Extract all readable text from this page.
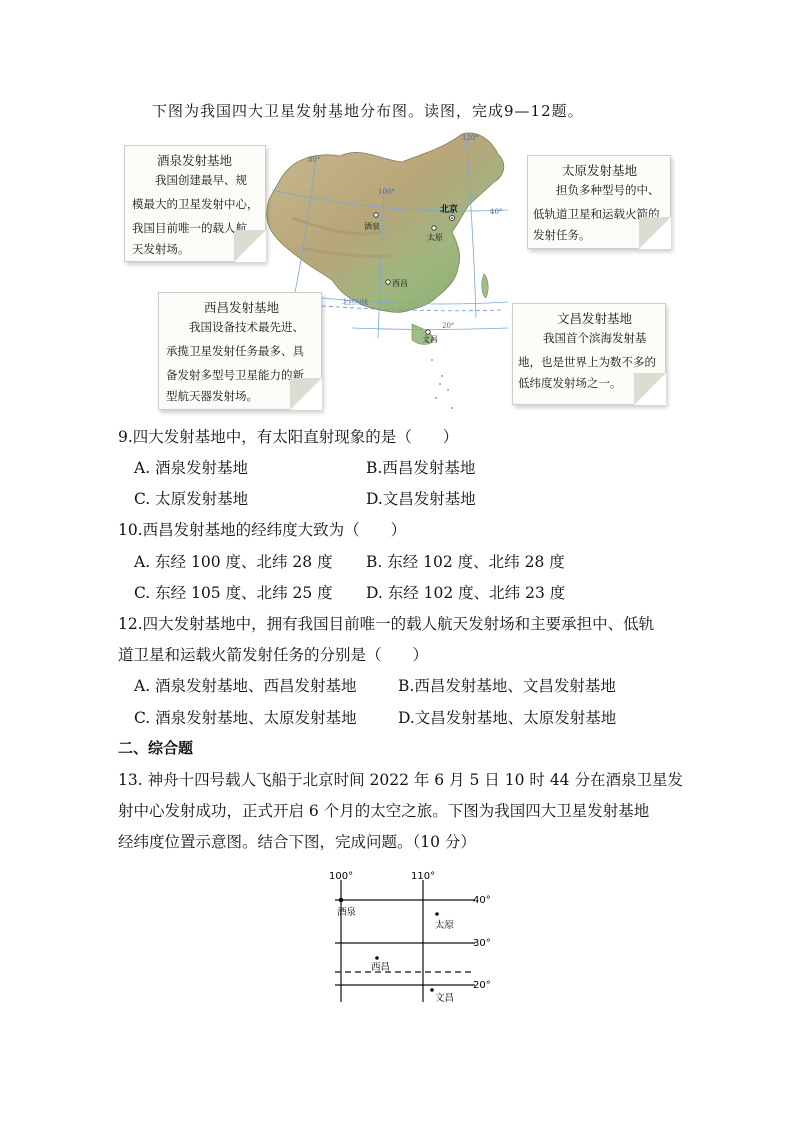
下图为我国四大卫星发射基地分布图。读图，完成9—12题。
120°
80°
100°
40°
20°
北回归线
北京
酒泉
太原
西昌
文昌
酒泉发射基地
我国创建最早、规
模最大的卫星发射中心，
我国目前唯一的载人航
天发射场。
太原发射基地
担负多种型号的中、
低轨道卫星和运载火箭的
发射任务。
西昌发射基地
我国设备技术最先进、
承揽卫星发射任务最多、具
备发射多型号卫星能力的新
型航天器发射场。
文昌发射基地
我国首个滨海发射基
地，也是世界上为数不多的
低纬度发射场之一。
9.四大发射基地中，有太阳直射现象的是（　　）
A. 酒泉发射基地	B.西昌发射基地
C. 太原发射基地	D.文昌发射基地
10.西昌发射基地的经纬度大致为（　　）
A. 东经 100 度、北纬 28 度 B. 东经 102 度、北纬 28 度
C. 东经 105 度、北纬 25 度 D. 东经 102 度、北纬 23 度
12.四大发射基地中，拥有我国目前唯一的载人航天发射场和主要承担中、低轨
道卫星和运载火箭发射任务的分别是（　　）
A. 酒泉发射基地、西昌发射基地	B.西昌发射基地、文昌发射基地
C. 酒泉发射基地、太原发射基地	D.文昌发射基地、太原发射基地
二、综合题
13. 神舟十四号载人飞船于北京时间 2022 年 6 月 5 日 10 时 44 分在酒泉卫星发
射中心发射成功，正式开启 6 个月的太空之旅。下图为我国四大卫星发射基地
经纬度位置示意图。结合下图，完成问题。（10 分）
100°	110°
40°
30°
20°
酒泉
太原
西昌
文昌
